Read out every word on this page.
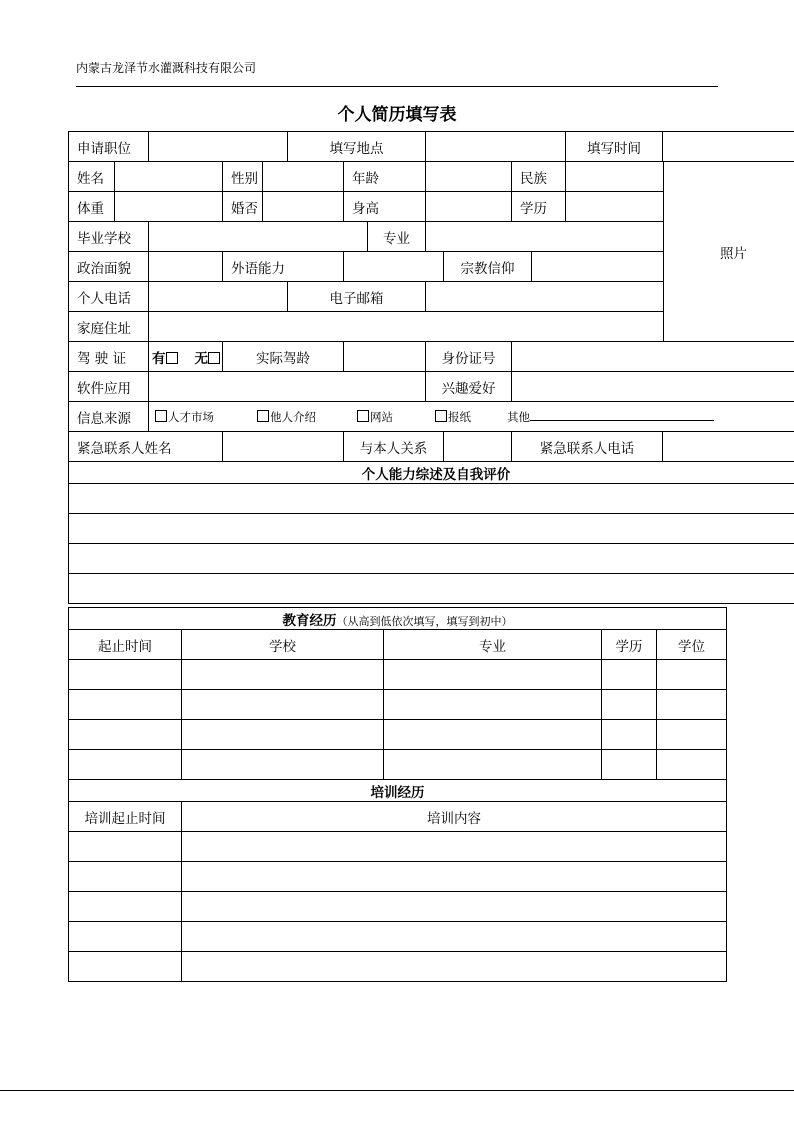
内蒙古龙泽节水灌溉科技有限公司
个人简历填写表
申请职位					填写地点							填写时间	
姓名			性别			年龄				民族			照片
体重			婚否			身高				学历			
毕业学校							专业						
政治面貌			外语能力						宗教信仰				
个人电话					电子邮箱								
家庭住址													
驾 驶 证		有 无	实际驾龄					身份证号					
软件应用								兴趣爱好					
信息来源		人才市场 他人介绍 网站 报纸 其他											
紧急联系人姓名						与本人关系				紧急联系人电话			
个人能力综述及自我评价													

教育经历（从高到低依次填写，填写到初中）				
起止时间	学校	专业	学历	学位

培训经历				
培训起止时间	培训内容			
